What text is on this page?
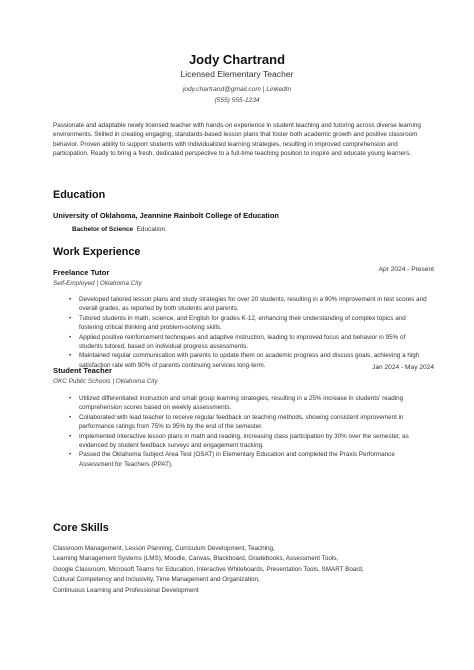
Jody Chartrand
Licensed Elementary Teacher
jody.chartrand@gmail.com | LinkedIn
(555) 555-1234
Passionate and adaptable newly licensed teacher with hands-on experience in student teaching and tutoring across diverse learning environments. Skilled in creating engaging, standards-based lesson plans that foster both academic growth and positive classroom behavior. Proven ability to support students with individualized learning strategies, resulting in improved comprehension and participation. Ready to bring a fresh, dedicated perspective to a full-time teaching position to inspire and educate young learners.
Education
University of Oklahoma, Jeannine Rainbolt College of Education
Bachelor of Science Education
Work Experience
Freelance Tutor	Apr 2024 - Present
Self-Employed | Oklahoma City
• Developed tailored lesson plans and study strategies for over 20 students, resulting in a 90% improvement in test scores and overall grades, as reported by both students and parents.
• Tutored students in math, science, and English for grades K-12, enhancing their understanding of complex topics and fostering critical thinking and problem-solving skills.
• Applied positive reinforcement techniques and adaptive instruction, leading to improved focus and behavior in 95% of students tutored, based on individual progress assessments.
• Maintained regular communication with parents to update them on academic progress and discuss goals, achieving a high satisfaction rate with 90% of parents continuing services long-term.
Student Teacher	Jan 2024 - May 2024
OKC Public Schools | Oklahoma City
• Utilized differentiated instruction and small group learning strategies, resulting in a 25% increase in students' reading comprehension scores based on weekly assessments.
• Collaborated with lead teacher to receive regular feedback on teaching methods, showing consistent improvement in performance ratings from 75% to 95% by the end of the semester.
• Implemented interactive lesson plans in math and reading, increasing class participation by 30% over the semester, as evidenced by student feedback surveys and engagement tracking.
• Passed the Oklahoma Subject Area Test (OSAT) in Elementary Education and completed the Praxis Performance Assessment for Teachers (PPAT).
Core Skills
Classroom Management, Lesson Planning, Curriculum Development, Teaching,
Learning Management Systems (LMS), Moodle, Canvas, Blackboard, Gradebooks, Assessment Tools,
Google Classroom, Microsoft Teams for Education, Interactive Whiteboards, Presentation Tools, SMART Board,
Cultural Competency and Inclusivity, Time Management and Organization,
Continuous Learning and Professional Development
